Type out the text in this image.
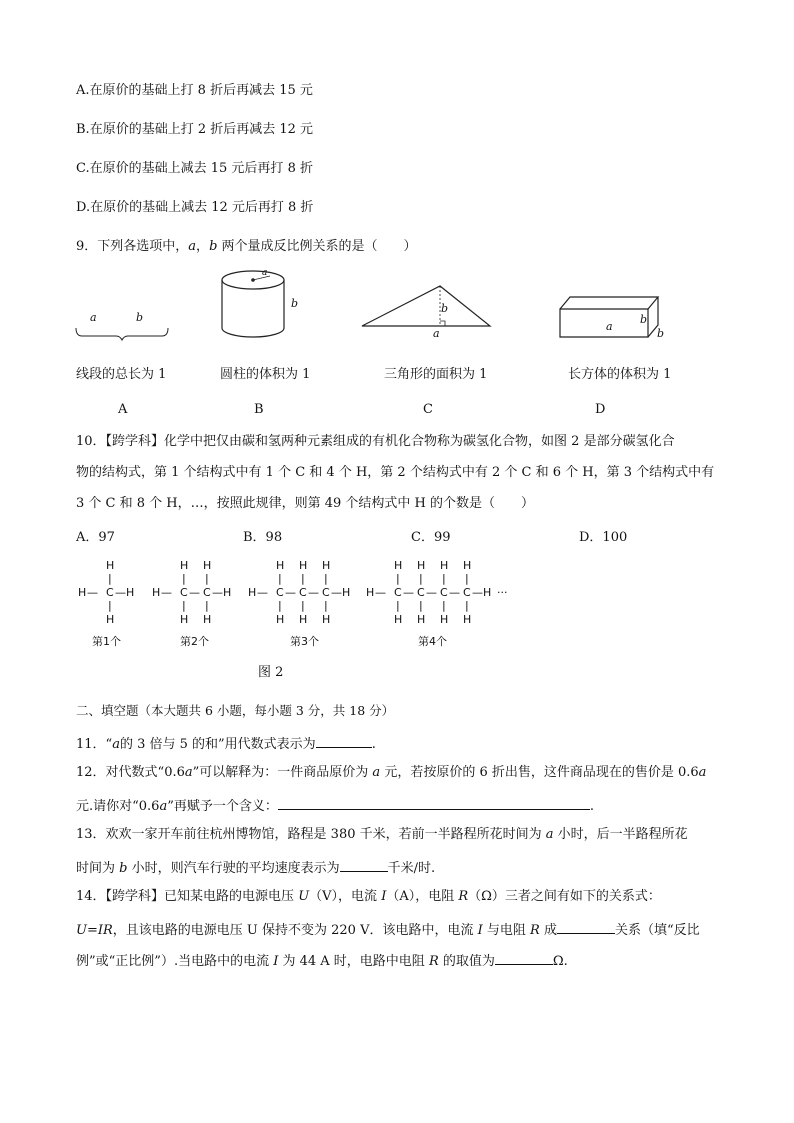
A.在原价的基础上打 8 折后再减去 15 元
B.在原价的基础上打 2 折后再减去 12 元
C.在原价的基础上减去 15 元后再打 8 折
D.在原价的基础上减去 12 元后再打 8 折
9．下列各选项中，a，b 两个量成反比例关系的是（　　）
a	b
a
b	b
a
b
a
b
线段的总长为 1	圆柱的体积为 1	三角形的面积为 1	长方体的体积为 1
A	B	C	D
10．【跨学科】化学中把仅由碳和氢两种元素组成的有机化合物称为碳氢化合物，如图 2 是部分碳氢化合
物的结构式，第 1 个结构式中有 1 个 C 和 4 个 H，第 2 个结构式中有 2 个 C 和 6 个 H，第 3 个结构式中有
3 个 C 和 8 个 H，…，按照此规律，则第 49 个结构式中 H 的个数是（　　）
A．97	B．98	C．99	D．100
H —
H
|
C
|
H
— H
第1个
H —
H
|
C
|
H
—
H
|
C
|
H
— H
第2个
H —
H
|
C
|
H
—
H
|
C
|
H
—
H
|
C
|
H
— H
第3个
H —
H
|
C
|
H
—
H
|
C
|
H
—
H
|
C
|
H
—
H
|
C
|
H
— H
第4个
···
图 2
二、填空题（本大题共 6 小题，每小题 3 分，共 18 分）
11．“a的 3 倍与 5 的和”用代数式表示为	.
12．对代数式“0.6a”可以解释为：一件商品原价为 a 元，若按原价的 6 折出售，这件商品现在的售价是 0.6a
元.请你对“0.6a”再赋予一个含义：	.
13．欢欢一家开车前往杭州博物馆，路程是 380 千米，若前一半路程所花时间为 a 小时，后一半路程所花
时间为 b 小时，则汽车行驶的平均速度表示为	千米/时.
14．【跨学科】已知某电路的电源电压 U（V），电流 I（A），电阻 R（Ω）三者之间有如下的关系式：
U=IR，且该电路的电源电压 U 保持不变为 220 V．该电路中，电流 I 与电阻 R 成	关系（填“反比
例”或“正比例”）.当电路中的电流 I 为 44 A 时，电路中电阻 R 的取值为	Ω.
